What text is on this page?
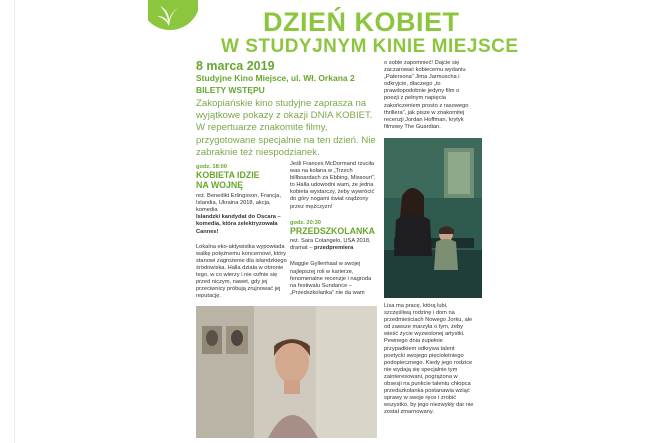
DZIEŃ KOBIET
W STUDYJNYM KINIE MIEJSCE
8 marca 2019
Studyjne Kino Miejsce, ul. Wł. Orkana 2
BILETY WSTĘPU
Zakopiańskie kino studyjne zaprasza na wyjątkowe pokazy z okazji DNIA KOBIET. W repertuarze znakomite filmy, przygotowane specjalnie na ten dzień. Nie zabraknie też niespodzianek.
godz. 18:00
KOBIETA IDZIE
NA WOJNĘ

reż. Benedikt Erlingsson, Francja, Islandia, Ukraina 2018, akcja, komedia

Islandzki kandydat do Oscara – komedia, która zelektryzowała Cannes!

Lokalna eko-aktywistka wypowiada walkę potężnemu koncernowi, który stanowi zagrożenie dla islandzkiego środowiska. Halla działa w obronie tego, w co wierzy i nie cofnie się przed niczym, nawet, gdy jej przeciwnicy próbują zrujnować jej reputację.

Jeśli Frances McDormand rzuciła was na kolana w „Trzech billboardach za Ebbing, Missouri”, to Halla udowodni wam, że jedna kobieta wystarczy, żeby wywrócić do góry nogami świat rządzony przez mężczyzn!

godz. 20:30
PRZEDSZKOLANKA

reż. Sara Colangelo, USA 2018, dramat – przedpremiera

Maggie Gyllenhaal w swojej najlepszej roli w karierze, fenomenalne recenzje i nagroda na festiwalu Sundance – „Przedszkolanka” nie da wam

o sobie zapomnieć! Dajcie się zaczarować kobiecemu wydaniu „Patersona” Jima Jarmuscha i odkryjcie, dlaczego „to prawdopodobnie jedyny film o poezji z pełnym napięcia zakończeniem prosto z rasowego thrillera”, jak pisze w znakomitej recenzji Jordan Hoffman, krytyk filmowy The Guardian.

Lisa ma pracę, którą lubi, szczęśliwą rodzinę i dom na przedmieściach Nowego Jorku, ale od zawsze marzyła o tym, żeby wieść życie wyzwolonej artystki. Pewnego dnia zupełnie przypadkiem odkrywa talent poetycki swojego pięcioletniego podopiecznego. Kiedy jego rodzice nie wydają się specjalnie tym zainteresowani, pogrążona w obsesji na punkcie talentu chłopca przedszkolanka postanawia wziąć sprawy w swoje ręce i zrobić wszystko, by jego niezwykły dar nie został zmarnowany.
